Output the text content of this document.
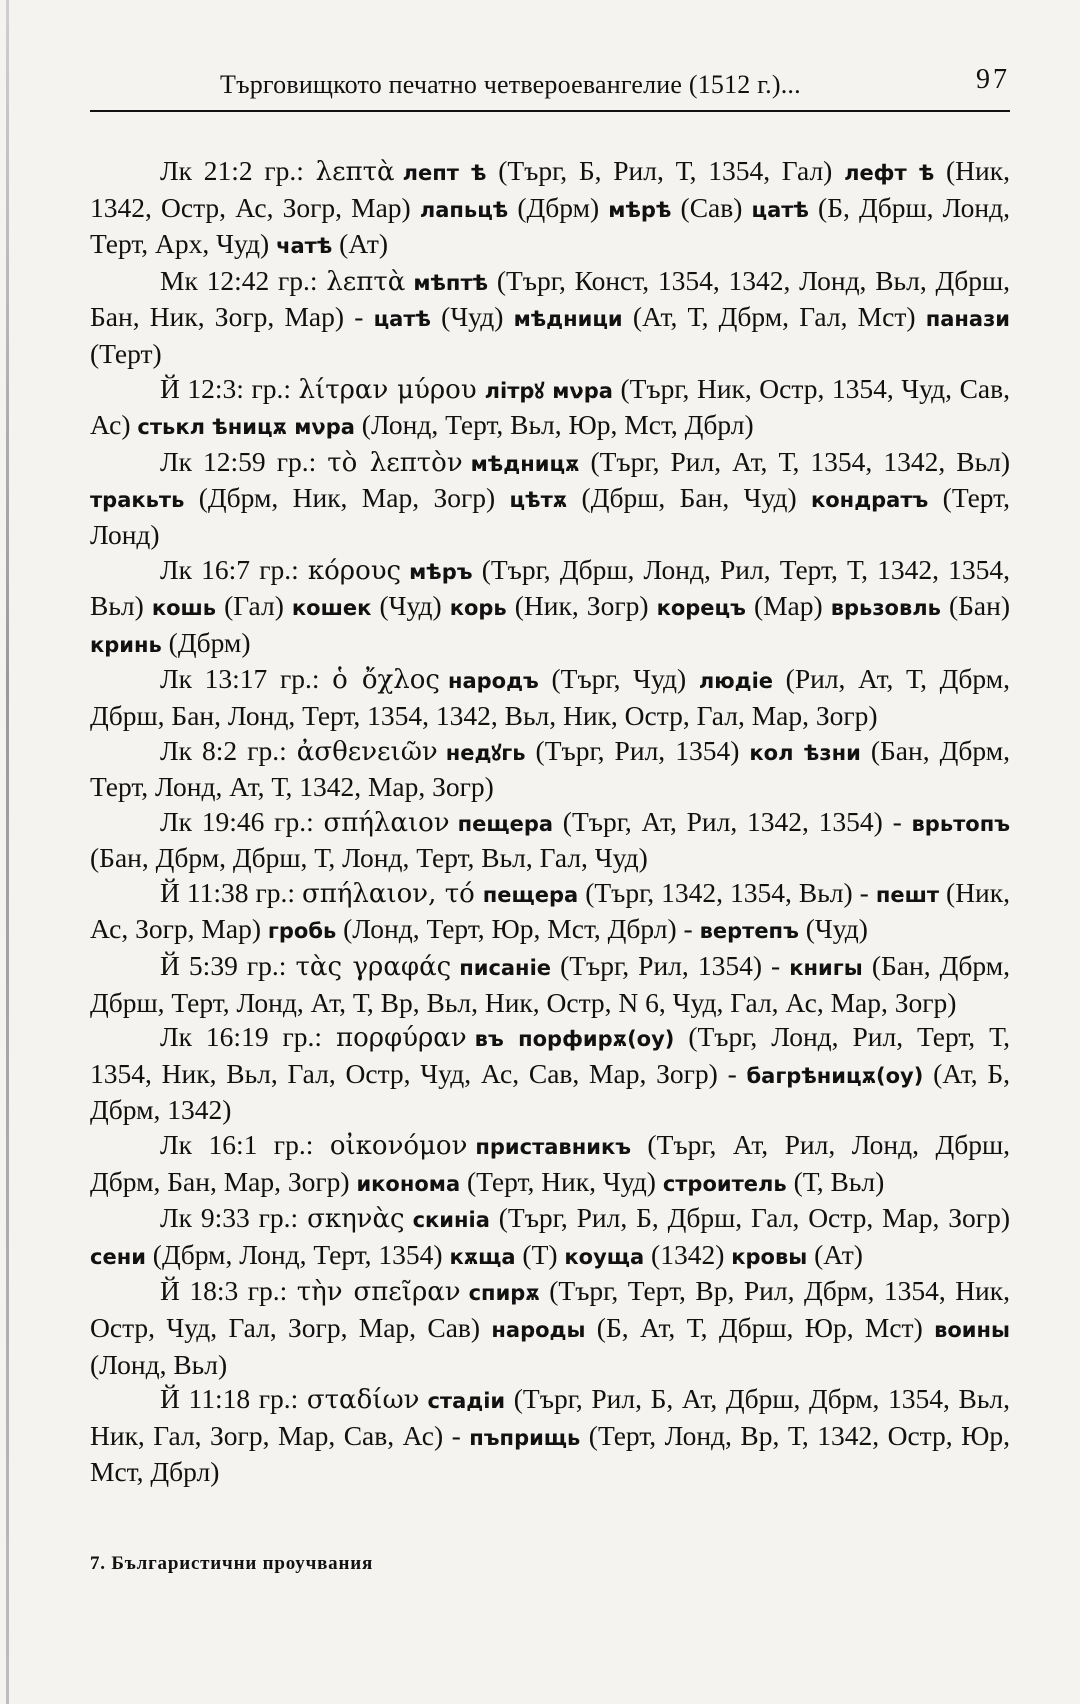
Търговищкото печатно четвероевангелие (1512 г.)...	97

Лк 21:2 гр.: λεπτὰ лепт ѣ (Търг, Б, Рил, Т, 1354, Гал) лефт ѣ (Ник, 1342, Остр, Ас, Зогр, Мар) лапьцѣ (Дбрм) мѣрѣ (Сав) цатѣ (Б, Дбрш, Лонд, Терт, Арх, Чуд) чатѣ (Ат)

Мк 12:42 гр.: λεπτὰ мѣптѣ (Търг, Конст, 1354, 1342, Лонд, Вьл, Дбрш, Бан, Ник, Зогр, Мар) - цатѣ (Чуд) мѣдници (Ат, Т, Дбрм, Гал, Мст) панази (Терт)

Й 12:3: гр.: λίτραν μύρου літрꙋ мνра (Търг, Ник, Остр, 1354, Чуд, Сав, Ас) стькл ѣницѫ мνра (Лонд, Терт, Вьл, Юр, Мст, Дбрл)

Лк 12:59 гр.: τὸ λεπτὸν мѣдницѫ (Търг, Рил, Ат, Т, 1354, 1342, Вьл) тракьть (Дбрм, Ник, Мар, Зогр) цѣтѫ (Дбрш, Бан, Чуд) кондратъ (Терт, Лонд)

Лк 16:7 гр.: κόρους мѣръ (Търг, Дбрш, Лонд, Рил, Терт, Т, 1342, 1354, Вьл) кошь (Гал) кошек (Чуд) корь (Ник, Зогр) корецъ (Мар) врьзовль (Бан) кринь (Дбрм)

Лк 13:17 гр.: ὁ ὄχλος народъ (Търг, Чуд) людіе (Рил, Ат, Т, Дбрм, Дбрш, Бан, Лонд, Терт, 1354, 1342, Вьл, Ник, Остр, Гал, Мар, Зогр)

Лк 8:2 гр.: ἀσθενειῶν недꙋгь (Търг, Рил, 1354) кол ѣзни (Бан, Дбрм, Терт, Лонд, Ат, Т, 1342, Мар, Зогр)

Лк 19:46 гр.: σπήλαιον пещера (Търг, Ат, Рил, 1342, 1354) - врьтопъ (Бан, Дбрм, Дбрш, Т, Лонд, Терт, Вьл, Гал, Чуд)

Й 11:38 гр.: σπήλαιον, τό пещера (Търг, 1342, 1354, Вьл) - пешт (Ник, Ас, Зогр, Мар) гробь (Лонд, Терт, Юр, Мст, Дбрл) - вертепъ (Чуд)

Й 5:39 гр.: τὰς γραφάς писаніе (Търг, Рил, 1354) - книгы (Бан, Дбрм, Дбрш, Терт, Лонд, Ат, Т, Вр, Вьл, Ник, Остр, N 6, Чуд, Гал, Ас, Мар, Зогр)

Лк 16:19 гр.: πορφύραν въ порфирѫ(оу) (Търг, Лонд, Рил, Терт, Т, 1354, Ник, Вьл, Гал, Остр, Чуд, Ас, Сав, Мар, Зогр) - багрѣницѫ(оу) (Ат, Б, Дбрм, 1342)

Лк 16:1 гр.: οἰκονόμον приставникъ (Търг, Ат, Рил, Лонд, Дбрш, Дбрм, Бан, Мар, Зогр) иконома (Терт, Ник, Чуд) строитель (Т, Вьл)

Лк 9:33 гр.: σκηνὰς скиніа (Търг, Рил, Б, Дбрш, Гал, Остр, Мар, Зогр) сени (Дбрм, Лонд, Терт, 1354) кѫща (Т) коуща (1342) кровы (Ат)

Й 18:3 гр.: τὴν σπεῖραν спирѫ (Търг, Терт, Вр, Рил, Дбрм, 1354, Ник, Остр, Чуд, Гал, Зогр, Мар, Сав) народы (Б, Ат, Т, Дбрш, Юр, Мст) воины (Лонд, Вьл)

Й 11:18 гр.: σταδίων стадіи (Търг, Рил, Б, Ат, Дбрш, Дбрм, 1354, Вьл, Ник, Гал, Зогр, Мар, Сав, Ас) - пъприщь (Терт, Лонд, Вр, Т, 1342, Остр, Юр, Мст, Дбрл)

7. Българистични проучвания
